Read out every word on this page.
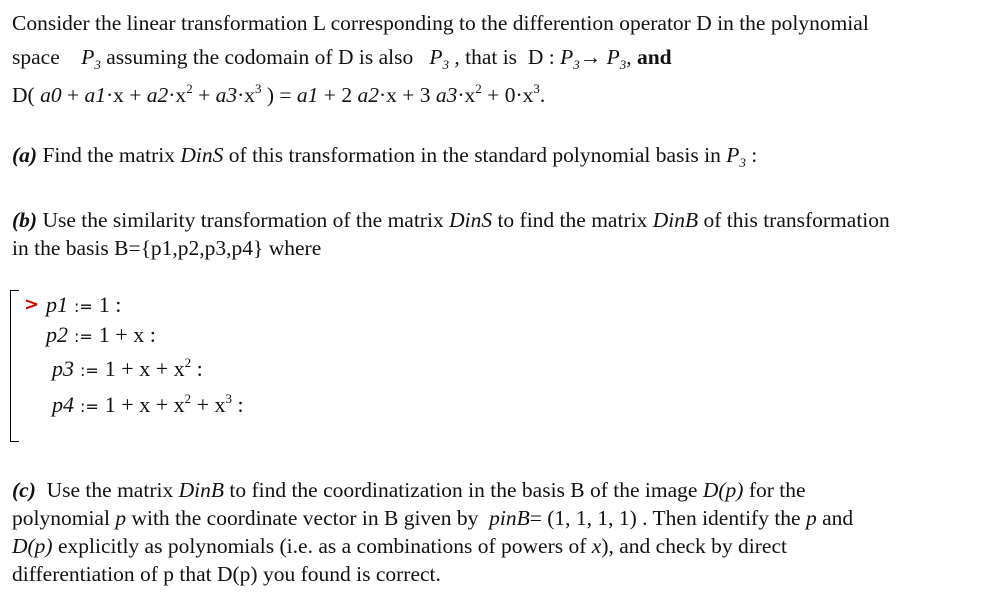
Consider the linear transformation L corresponding to the differention operator D in the polynomial
space $P_3$ assuming the codomain of D is also $P_3$ , that is D : $P_3\to P_3$, and
D( $a0 + a1\cdot x + a2\cdot x^2 + a3\cdot x^3$ ) = a1 + 2 a2·x + 3 $a3\cdot x^2 + 0\cdot x^3$.
(a) Find the matrix DinS of this transformation in the standard polynomial basis in $P_3$ :
(b) Use the similarity transformation of the matrix DinS to find the matrix DinB of this transformation
in the basis B={p1,p2,p3,p4} where
> p1 := 1 :
p2 := 1 + x :
p3 := $1 + x + x^2$ :
p4 := $1 + x + x^2 + x^3$ :
(c) Use the matrix DinB to find the coordinatization in the basis B of the image D(p) for the
polynomial p with the coordinate vector in B given by pinB= (1, 1, 1, 1) . Then identify the p and
D(p) explicitly as polynomials (i.e. as a combinations of powers of x), and check by direct
differentiation of p that D(p) you found is correct.
